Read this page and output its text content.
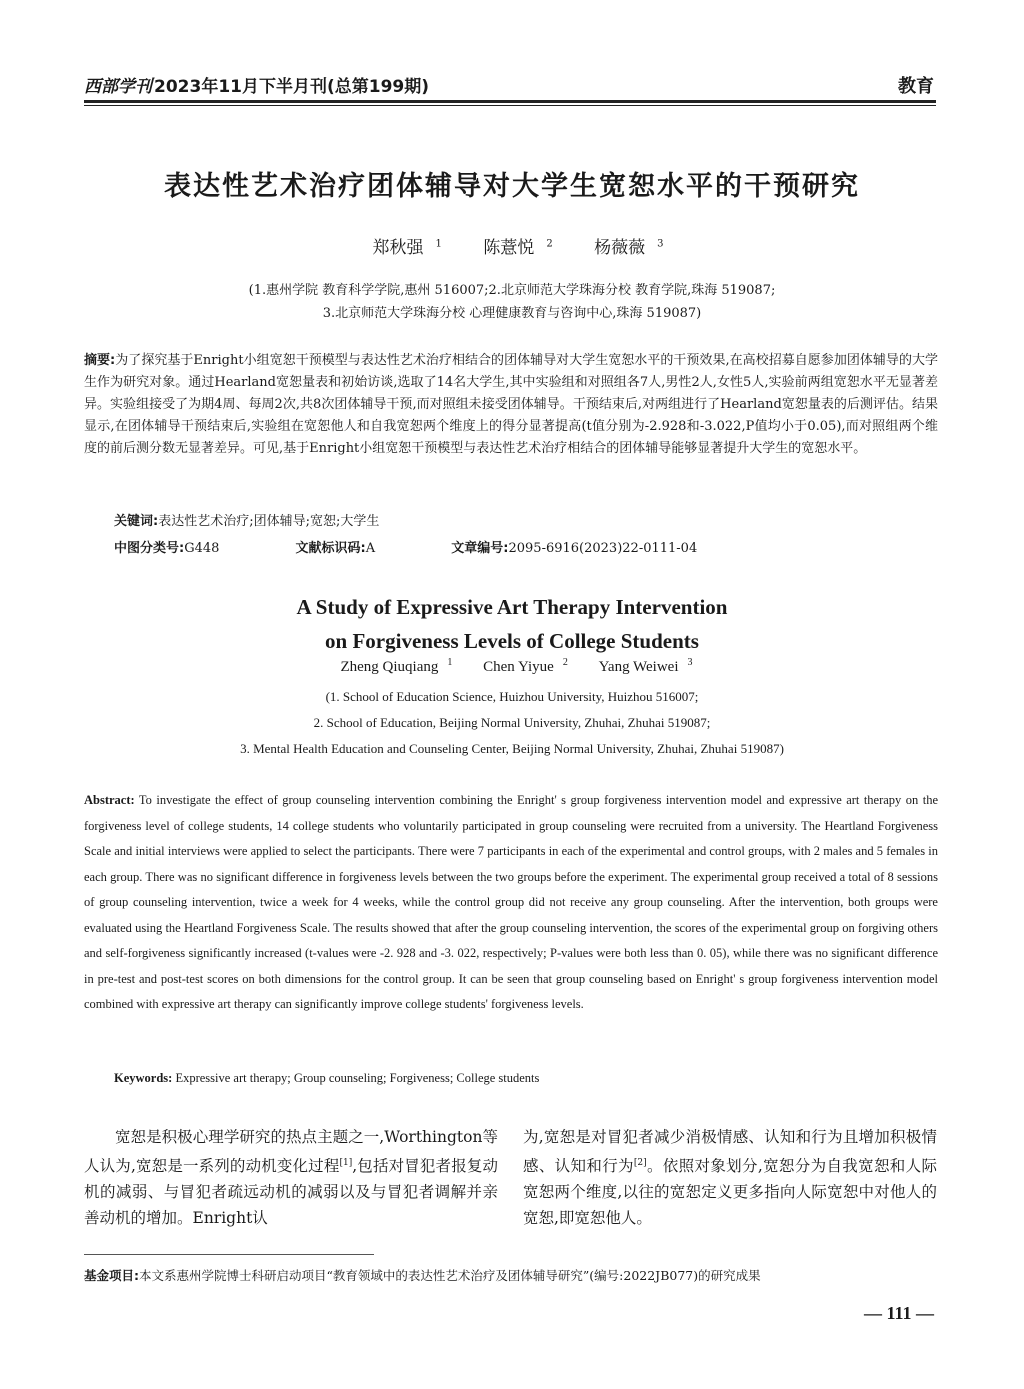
西部学刊 2023年11月下半月刊(总第199期)	教育
表达性艺术治疗团体辅导对大学生宽恕水平的干预研究
郑秋强 $^1$ 陈薏悦 $^2$ 杨薇薇 $^3$
(1.惠州学院 教育科学学院,惠州 516007;2.北京师范大学珠海分校 教育学院,珠海 519087;
3.北京师范大学珠海分校 心理健康教育与咨询中心,珠海 519087)
摘要:为了探究基于Enright小组宽恕干预模型与表达性艺术治疗相结合的团体辅导对大学生宽恕水平的干预效果,在高校招募自愿参加团体辅导的大学生作为研究对象。通过Hearland宽恕量表和初始访谈,选取了14名大学生,其中实验组和对照组各7人,男性2人,女性5人,实验前两组宽恕水平无显著差异。实验组接受了为期4周、每周2次,共8次团体辅导干预,而对照组未接受团体辅导。干预结束后,对两组进行了Hearland宽恕量表的后测评估。结果显示,在团体辅导干预结束后,实验组在宽恕他人和自我宽恕两个维度上的得分显著提高(t值分别为-2.928和-3.022,P值均小于0.05),而对照组两个维度的前后测分数无显著差异。可见,基于Enright小组宽恕干预模型与表达性艺术治疗相结合的团体辅导能够显著提升大学生的宽恕水平。
关键词:表达性艺术治疗;团体辅导;宽恕;大学生
中图分类号:G448	文献标识码:A	文章编号:2095-6916(2023)22-0111-04
A Study of Expressive Art Therapy Intervention
on Forgiveness Levels of College Students
Zheng Qiuqiang $^1$ Chen Yiyue $^2$ Yang Weiwei $^3$
(1. School of Education Science, Huizhou University, Huizhou 516007;
2. School of Education, Beijing Normal University, Zhuhai, Zhuhai 519087;
3. Mental Health Education and Counseling Center, Beijing Normal University, Zhuhai, Zhuhai 519087)
Abstract: To investigate the effect of group counseling intervention combining the Enright' s group forgiveness intervention model and expressive art therapy on the forgiveness level of college students, 14 college students who voluntarily participated in group counseling were recruited from a university. The Heartland Forgiveness Scale and initial interviews were applied to select the participants. There were 7 participants in each of the experimental and control groups, with 2 males and 5 females in each group. There was no significant difference in forgiveness levels between the two groups before the experiment. The experimental group received a total of 8 sessions of group counseling intervention, twice a week for 4 weeks, while the control group did not receive any group counseling. After the intervention, both groups were evaluated using the Heartland Forgiveness Scale. The results showed that after the group counseling intervention, the scores of the experimental group on forgiving others and self-forgiveness significantly increased (t-values were -2. 928 and -3. 022, respectively; P-values were both less than 0. 05), while there was no significant difference in pre-test and post-test scores on both dimensions for the control group. It can be seen that group counseling based on Enright' s group forgiveness intervention model combined with expressive art therapy can significantly improve college students' forgiveness levels.
Keywords: Expressive art therapy; Group counseling; Forgiveness; College students
宽恕是积极心理学研究的热点主题之一,Worthington等人认为,宽恕是一系列的动机变化过程[1],包括对冒犯者报复动机的减弱、与冒犯者疏远动机的减弱以及与冒犯者调解并亲善动机的增加。Enright认
为,宽恕是对冒犯者减少消极情感、认知和行为且增加积极情感、认知和行为[2]。依照对象划分,宽恕分为自我宽恕和人际宽恕两个维度,以往的宽恕定义更多指向人际宽恕中对他人的宽恕,即宽恕他人。
基金项目:本文系惠州学院博士科研启动项目“教育领域中的表达性艺术治疗及团体辅导研究”(编号:2022JB077)的研究成果
— 111 —
